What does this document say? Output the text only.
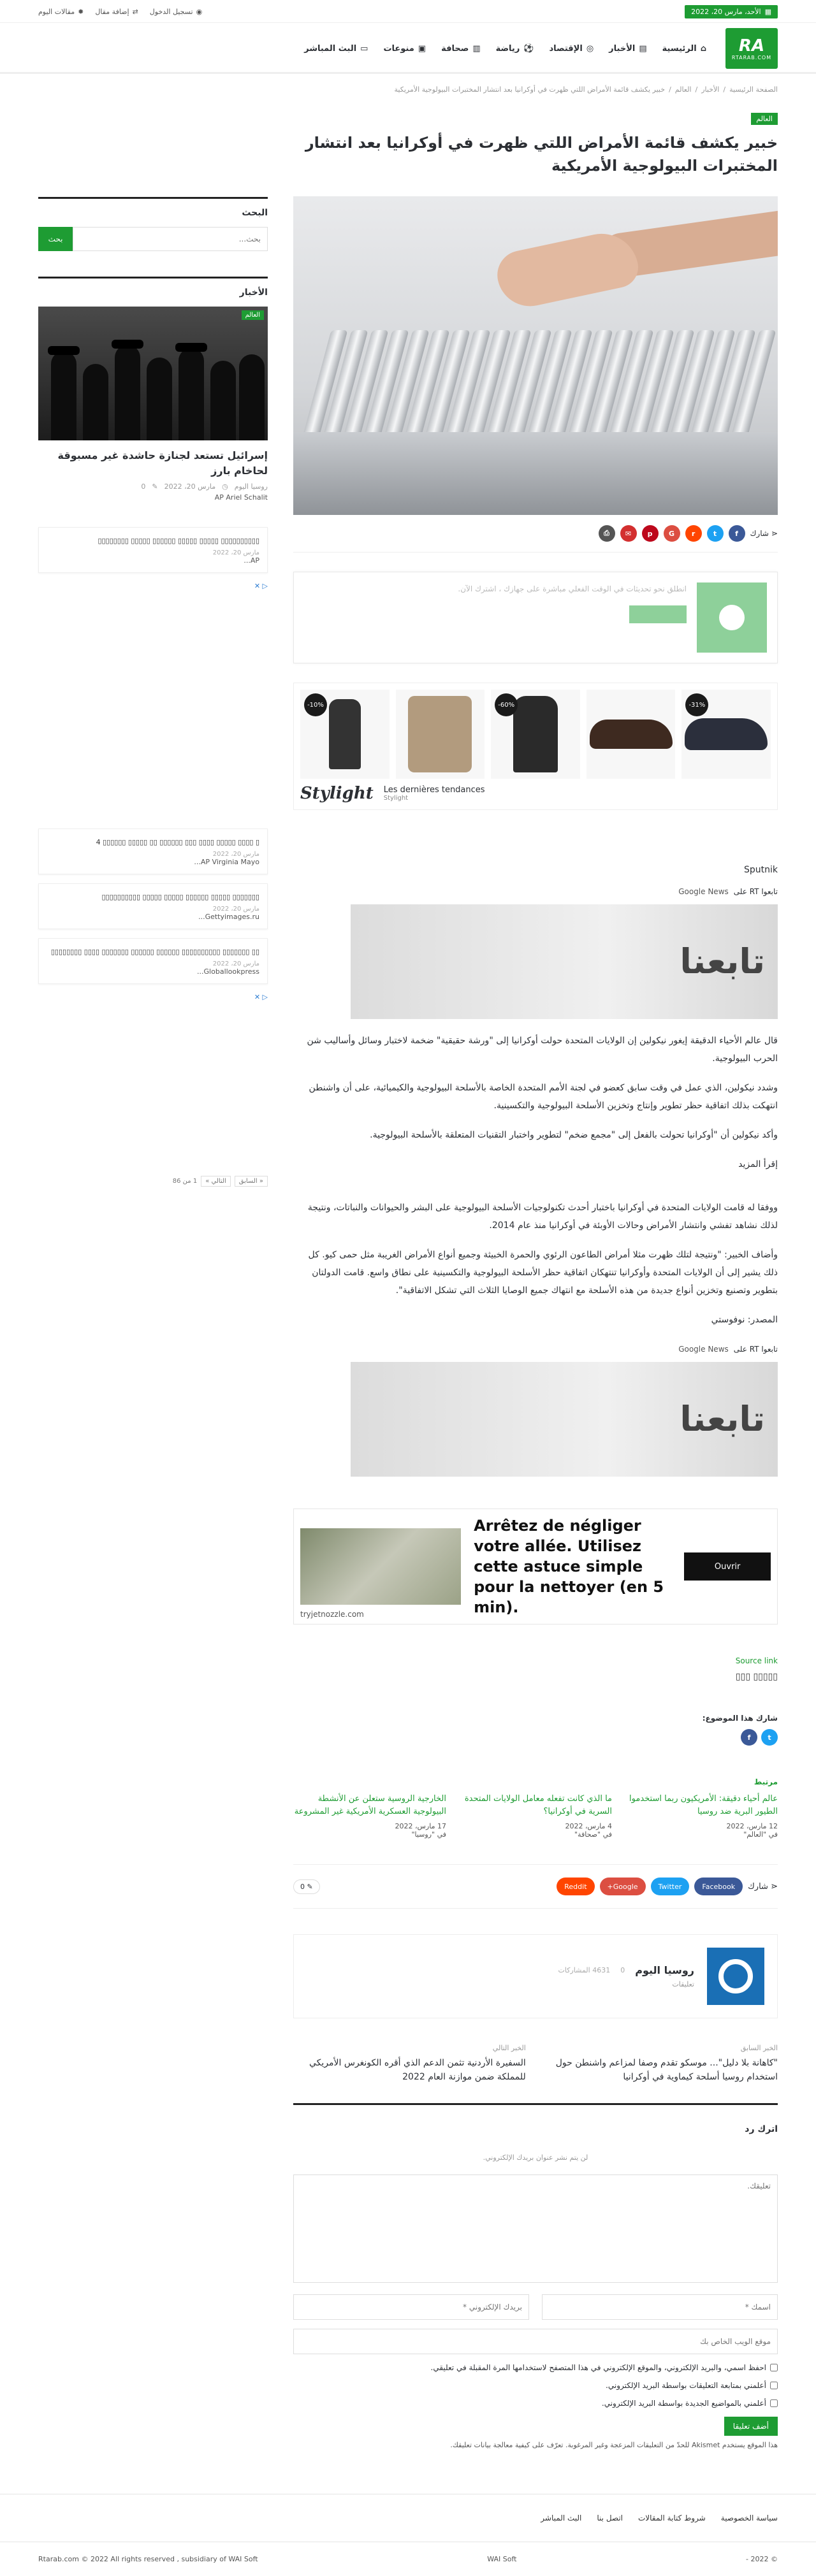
▦
الأحد، مارس 20، 2022
◉
تسجيل الدخول
⇄
إضافة مقال
✹
مقالات اليوم
RA
RTARAB.COM
⌂
الرئيسية
▤
الأخبار
◎
الإقتصاد
⚽
رياضة
▥
صحافة
▣
منوعات
▭
البث المباشر
الصفحة الرئيسية
/
الأخبار
/
العالم
/
خبير يكشف قائمة الأمراض اللتي ظهرت في أوكرانيا بعد انتشار المختبرات البيولوجية الأمريكية
العالم
خبير يكشف قائمة الأمراض اللتي ظهرت في أوكرانيا بعد انتشار المختبرات البيولوجية الأمريكية
⋖
شارك
f
t
r
G
p
✉
⎙
انطلق نحو تحديثات في الوقت الفعلي مباشرة على جهازك ، اشترك الآن.
-10%	-60%	-31%
Stylight Les dernières tendances
Stylight
Sputnik
تابعوا RT على
Google News
تابعنا

قال عالم الأحياء الدقيقة إيغور نيكولين إن الولايات المتحدة حولت أوكرانيا إلى "ورشة حقيقية" ضخمة لاختبار وسائل وأساليب شن الحرب البيولوجية.

وشدد نيكولين، الذي عمل في وقت سابق كعضو في لجنة الأمم المتحدة الخاصة بالأسلحة البيولوجية والكيميائية، على أن واشنطن انتهكت بذلك اتفاقية حظر تطوير وإنتاج وتخزين الأسلحة البيولوجية والتكسينية.

وأكد نيكولين أن "أوكرانيا تحولت بالفعل إلى "مجمع ضخم" لتطوير واختبار التقنيات المتعلقة بالأسلحة البيولوجية.

إقرأ المزيد

ووفقا له قامت الولايات المتحدة في أوكرانيا باختبار أحدث تكنولوجيات الأسلحة البيولوجية على البشر والحيوانات والنباتات، ونتيجة لذلك نشاهد تفشي وانتشار الأمراض وحالات الأوبئة في أوكرانيا منذ عام 2014.

وأضاف الخبير: "ونتيجة لتلك ظهرت مثلا أمراض الطاعون الرئوي والحمرة الخبيثة وجميع أنواع الأمراض الغريبة مثل حمى كيو. كل ذلك يشير إلى أن الولايات المتحدة وأوكرانيا تنتهكان اتفاقية حظر الأسلحة البيولوجية والتكسينية على نطاق واسع. قامت الدولتان بتطوير وتصنيع وتخزين أنواع جديدة من هذه الأسلحة مع انتهاك جميع الوصايا الثلاث التي تشكل الاتفاقية".

المصدر: نوفوستي

تابعوا RT على
Google News
تابعنا
Arrêtez de négliger votre allée. Utilisez cette astuce simple pour la nettoyer (en 5 min).
Ouvrir
tryjetnozzle.com
Source link
▯▯▯▯▯ ▯▯▯
شارك هذا الموضوع:
t
f
مرتبط
عالم أحياء دقيقة: الأمريكيون ربما استخدموا الطيور البرية ضد روسيا
12 مارس، 2022
في "العالم"
ما الذي كانت تفعله معامل الولايات المتحدة السرية في أوكرانيا؟
4 مارس، 2022
في "صحافة"
الخارجية الروسية ستعلن عن الأنشطة البيولوجية العسكرية الأمريكية غير المشروعة
17 مارس، 2022
في "روسيا"
⋖ شارك
Facebook
Twitter
Google+
Reddit
✎ 0
روسيا اليوم
0
4631 المشاركات
تعليقات
الخبر السابق
"كاهانة بلا دليل"... موسكو تقدم وصفا لمزاعم واشنطن حول استخدام روسيا أسلحة كيماوية في أوكرانيا
الخبر التالي
السفيرة الأردنية تثمن الدعم الذي أقره الكونغرس الأمريكي للمملكة ضمن موازنة العام 2022
اترك رد
لن يتم نشر عنوان بريدك الإلكتروني.
تعليقك.
اسمك *
بريدك الإلكتروني *
موقع الويب الخاص بك
احفظ اسمي، والبريد الإلكتروني، والموقع الإلكتروني في هذا المتصفح لاستخدامها المرة المقبلة في تعليقي.
أعلمني بمتابعة التعليقات بواسطة البريد الإلكتروني.
أعلمني بالمواضيع الجديدة بواسطة البريد الإلكتروني.
أضف تعليقا
هذا الموقع يستخدم Akismet للحدّ من التعليقات المزعجة وغير المرغوبة. تعرّف على كيفية معالجة بيانات تعليقك.
البحث
بحث...
بحث
الأخبار
العالم
إسرائيل تستعد لجنازة حاشدة غير مسبوقة لحاخام بارز
روسيا اليوم
◷
مارس 20، 2022
✎
0
AP Ariel Schalit
▯▯▯▯▯▯▯▯▯▯ ▯▯▯▯▯ ▯▯▯▯▯ ▯▯▯▯▯▯ ▯▯▯▯▯ ▯▯▯▯▯▯▯▯
مارس 20، 2022
AP...
▷ ✕
▯ ▯▯▯▯ ▯▯▯▯▯ ▯▯▯▯ ▯▯▯ ▯▯▯▯▯▯ ▯▯ ▯▯▯▯▯ ▯▯▯▯▯▯ 4
مارس 20، 2022
AP Virginia Mayo...
▯▯▯▯▯▯▯ ▯▯▯▯▯ ▯▯▯▯▯▯ ▯▯▯▯▯ ▯▯▯▯▯ ▯▯▯▯▯▯▯▯▯▯
مارس 20، 2022
Gettyimages.ru...
▯▯ ▯▯▯▯▯▯▯ ▯▯▯▯▯▯▯▯▯▯ ▯▯▯▯▯▯ ▯▯▯▯▯▯ ▯▯▯▯▯▯▯ ▯▯▯▯ ▯▯▯▯▯▯▯▯
مارس 20، 2022
Globallookpress...
▷ ✕
« السابق
التالي »
1 من 86
سياسة الخصوصية
شروط كتابة المقالات
اتصل بنا
البث المباشر
© 2022 -
WAI Soft
Rtarab.com © 2022 All rights reserved , subsidiary of WAI Soft
